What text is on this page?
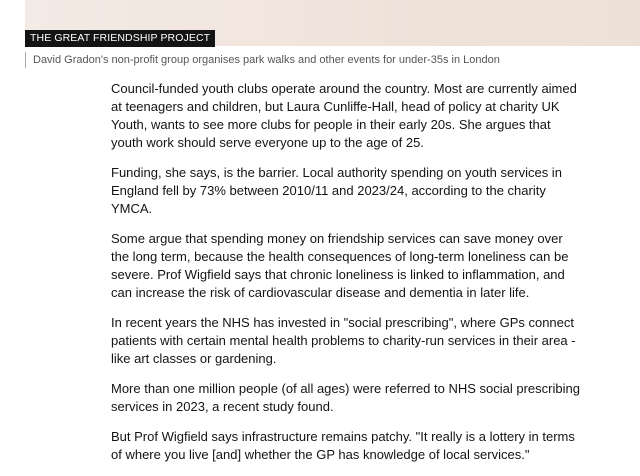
THE GREAT FRIENDSHIP PROJECT
David Gradon's non-profit group organises park walks and other events for under-35s in London

Council-funded youth clubs operate around the country. Most are currently aimed at teenagers and children, but Laura Cunliffe-Hall, head of policy at charity UK Youth, wants to see more clubs for people in their early 20s. She argues that youth work should serve everyone up to the age of 25.

Funding, she says, is the barrier. Local authority spending on youth services in England fell by 73% between 2010/11 and 2023/24, according to the charity YMCA.

Some argue that spending money on friendship services can save money over the long term, because the health consequences of long-term loneliness can be severe. Prof Wigfield says that chronic loneliness is linked to inflammation, and can increase the risk of cardiovascular disease and dementia in later life.

In recent years the NHS has invested in "social prescribing", where GPs connect patients with certain mental health problems to charity-run services in their area - like art classes or gardening.

More than one million people (of all ages) were referred to NHS social prescribing services in 2023, a recent study found.

But Prof Wigfield says infrastructure remains patchy. "It really is a lottery in terms of where you live [and] whether the GP has knowledge of local services."
